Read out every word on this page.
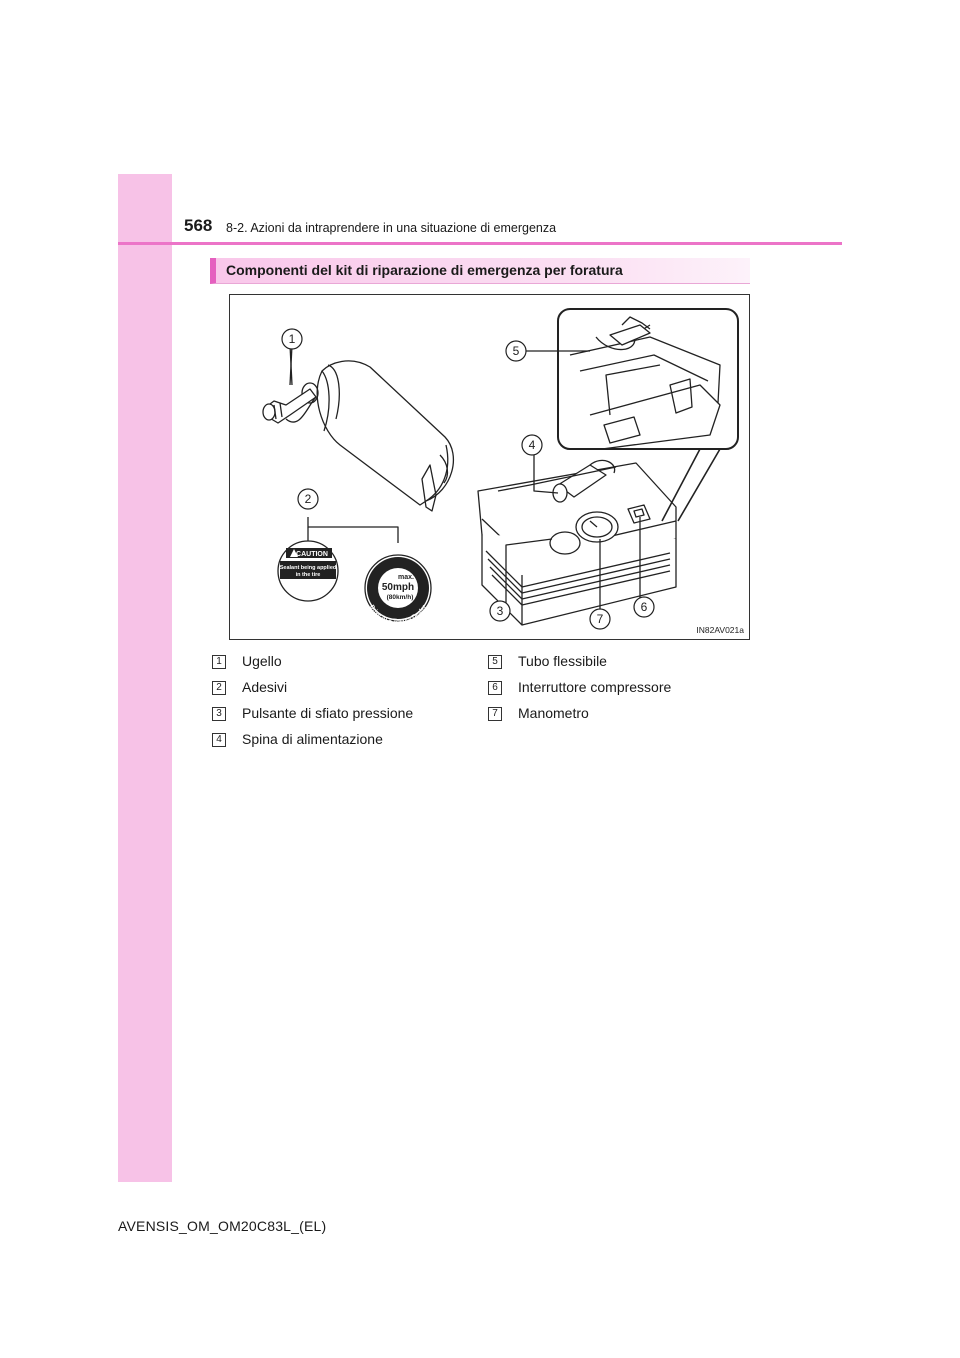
568 8-2. Azioni da intraprendere in una situazione di emergenza
Componenti del kit di riparazione di emergenza per foratura
1
2
3
4
5
6
7
CAUTION
Sealant being applied
in the tire
Strict observance
Drive to a Toyota Dealer
max.
50mph
(80km/h)
IN82AV021a
1	Ugello
2	Adesivi
3	Pulsante di sfiato pressione
4	Spina di alimentazione
5	Tubo flessibile
6	Interruttore compressore
7	Manometro
AVENSIS_OM_OM20C83L_(EL)
